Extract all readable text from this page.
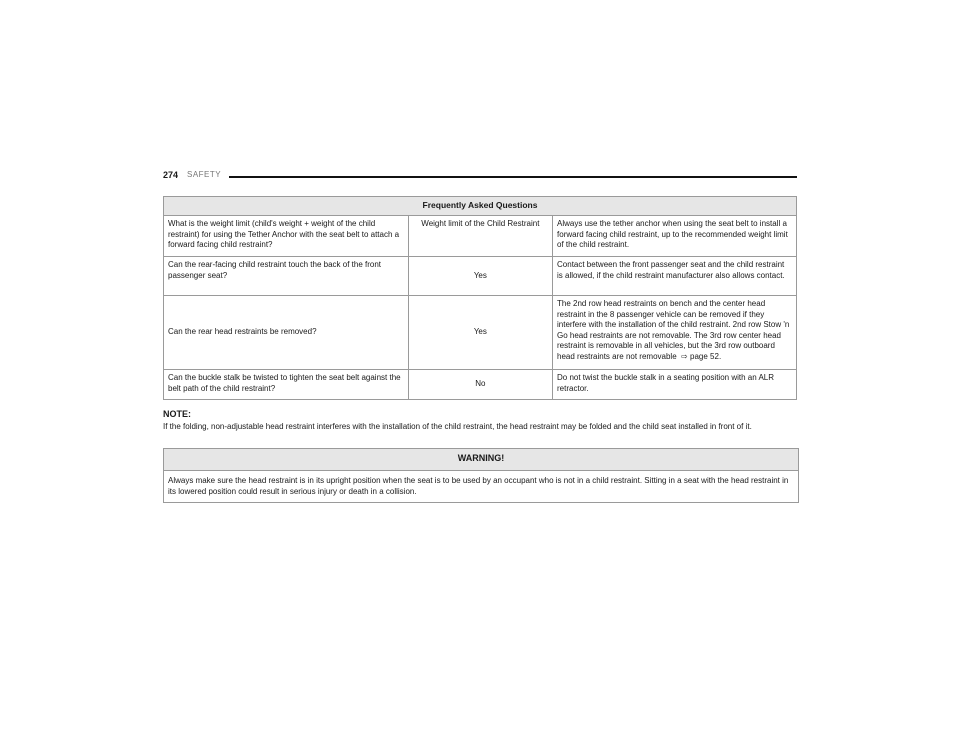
274 SAFETY
Frequently Asked Questions		
What is the weight limit (child's weight + weight of the child restraint) for using the Tether Anchor with the seat belt to attach a forward facing child restraint?	Weight limit of the Child Restraint	Always use the tether anchor when using the seat belt to install a forward facing child restraint, up to the recommended weight limit of the child restraint.
Can the rear-facing child restraint touch the back of the front passenger seat?	Yes	Contact between the front passenger seat and the child restraint is allowed, if the child restraint manufacturer also allows contact.
Can the rear head restraints be removed?	Yes	The 2nd row head restraints on bench and the center head restraint in the 8 passenger vehicle can be removed if they interfere with the installation of the child restraint. 2nd row Stow 'n Go head restraints are not removable. The 3rd row center head restraint is removable in all vehicles, but the 3rd row outboard head restraints are not removable  ⇨ page 52.
Can the buckle stalk be twisted to tighten the seat belt against the belt path of the child restraint?	No	Do not twist the buckle stalk in a seating position with an ALR retractor.
NOTE:
If the folding, non-adjustable head restraint interferes with the installation of the child restraint, the head restraint may be folded and the child seat installed in front of it.
WARNING!
Always make sure the head restraint is in its upright position when the seat is to be used by an occupant who is not in a child restraint. Sitting in a seat with the head restraint in its lowered position could result in serious injury or death in a collision.
